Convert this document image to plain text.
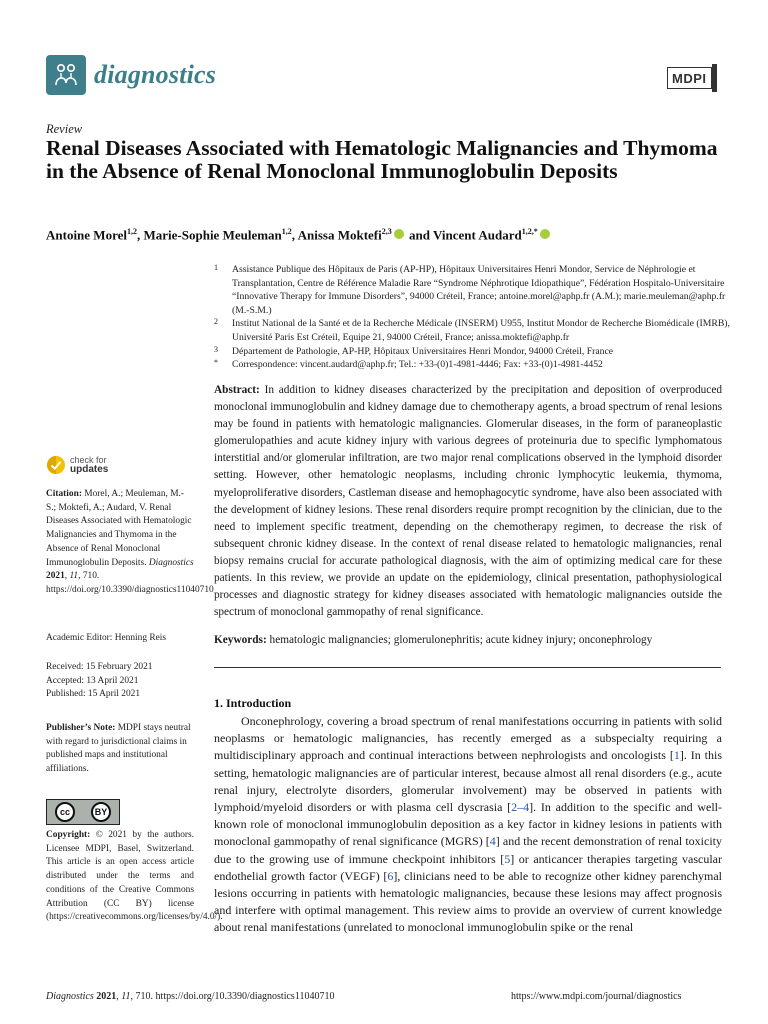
diagnostics	MDPI
Review
Renal Diseases Associated with Hematologic Malignancies and Thymoma in the Absence of Renal Monoclonal Immunoglobulin Deposits
Antoine Morel$^{1,2}$, Marie-Sophie Meuleman$^{1,2}$, Anissa Moktefi$^{2,3}$ and Vincent Audard$^{1,2,*}$
1 Assistance Publique des Hôpitaux de Paris (AP-HP), Hôpitaux Universitaires Henri Mondor, Service de Néphrologie et Transplantation, Centre de Référence Maladie Rare “Syndrome Néphrotique Idiopathique”, Fédération Hospitalo-Universitaire “Innovative Therapy for Immune Disorders”, 94000 Créteil, France; antoine.morel@aphp.fr (A.M.); marie.meuleman@aphp.fr (M.-S.M.)
2 Institut National de la Santé et de la Recherche Médicale (INSERM) U955, Institut Mondor de Recherche Biomédicale (IMRB), Université Paris Est Créteil, Equipe 21, 94000 Créteil, France; anissa.moktefi@aphp.fr
3 Département de Pathologie, AP-HP, Hôpitaux Universitaires Henri Mondor, 94000 Créteil, France
* Correspondence: vincent.audard@aphp.fr; Tel.: +33-(0)1-4981-4446; Fax: +33-(0)1-4981-4452

Abstract: In addition to kidney diseases characterized by the precipitation and deposition of overproduced monoclonal immunoglobulin and kidney damage due to chemotherapy agents, a broad spectrum of renal lesions may be found in patients with hematologic malignancies. Glomerular diseases, in the form of paraneoplastic glomerulopathies and acute kidney injury with various degrees of proteinuria due to specific lymphomatous interstitial and/or glomerular infiltration, are two major renal complications observed in the lymphoid disorder setting. However, other hematologic neoplasms, including chronic lymphocytic leukemia, thymoma, myeloproliferative disorders, Castleman disease and hemophagocytic syndrome, have also been associated with the development of kidney lesions. These renal disorders require prompt recognition by the clinician, due to the need to implement specific treatment, depending on the chemotherapy regimen, to decrease the risk of subsequent chronic kidney disease. In the context of renal disease related to hematologic malignancies, renal biopsy remains crucial for accurate pathological diagnosis, with the aim of optimizing medical care for these patients. In this review, we provide an update on the epidemiology, clinical presentation, pathophysiological processes and diagnostic strategy for kidney diseases associated with hematologic malignancies outside the spectrum of monoclonal gammopathy of renal significance.

Keywords: hematologic malignancies; glomerulonephritis; acute kidney injury; onconephrology
check for
updates
Citation: Morel, A.; Meuleman, M.-S.; Moktefi, A.; Audard, V. Renal Diseases Associated with Hematologic Malignancies and Thymoma in the Absence of Renal Monoclonal Immunoglobulin Deposits. Diagnostics 2021, 11, 710. https://doi.org/10.3390/diagnostics11040710
Academic Editor: Henning Reis
Received: 15 February 2021
Accepted: 13 April 2021
Published: 15 April 2021
Publisher’s Note: MDPI stays neutral with regard to jurisdictional claims in published maps and institutional affiliations.
cc	BY
Copyright: © 2021 by the authors. Licensee MDPI, Basel, Switzerland. This article is an open access article distributed under the terms and conditions of the Creative Commons Attribution (CC BY) license (https://creativecommons.org/licenses/by/4.0/).
1. Introduction

Onconephrology, covering a broad spectrum of renal manifestations occurring in patients with solid neoplasms or hematologic malignancies, has recently emerged as a subspecialty requiring a multidisciplinary approach and continual interactions between nephrologists and oncologists [1]. In this setting, hematologic malignancies are of particular interest, because almost all renal disorders (e.g., acute renal injury, electrolyte disorders, glomerular involvement) may be observed in patients with lymphoid/myeloid disorders or with plasma cell dyscrasia [2–4]. In addition to the specific and well-known role of monoclonal immunoglobulin deposition as a key factor in kidney lesions in patients with monoclonal gammopathy of renal significance (MGRS) [4] and the recent demonstration of renal toxicity due to the growing use of immune checkpoint inhibitors [5] or anticancer therapies targeting vascular endothelial growth factor (VEGF) [6], clinicians need to be able to recognize other kidney parenchymal lesions occurring in patients with hematologic malignancies, because these lesions may affect prognosis and interfere with optimal management. This review aims to provide an overview of current knowledge about renal manifestations (unrelated to monoclonal immunoglobulin spike or the renal

Diagnostics 2021, 11, 710. https://doi.org/10.3390/diagnostics11040710	https://www.mdpi.com/journal/diagnostics
